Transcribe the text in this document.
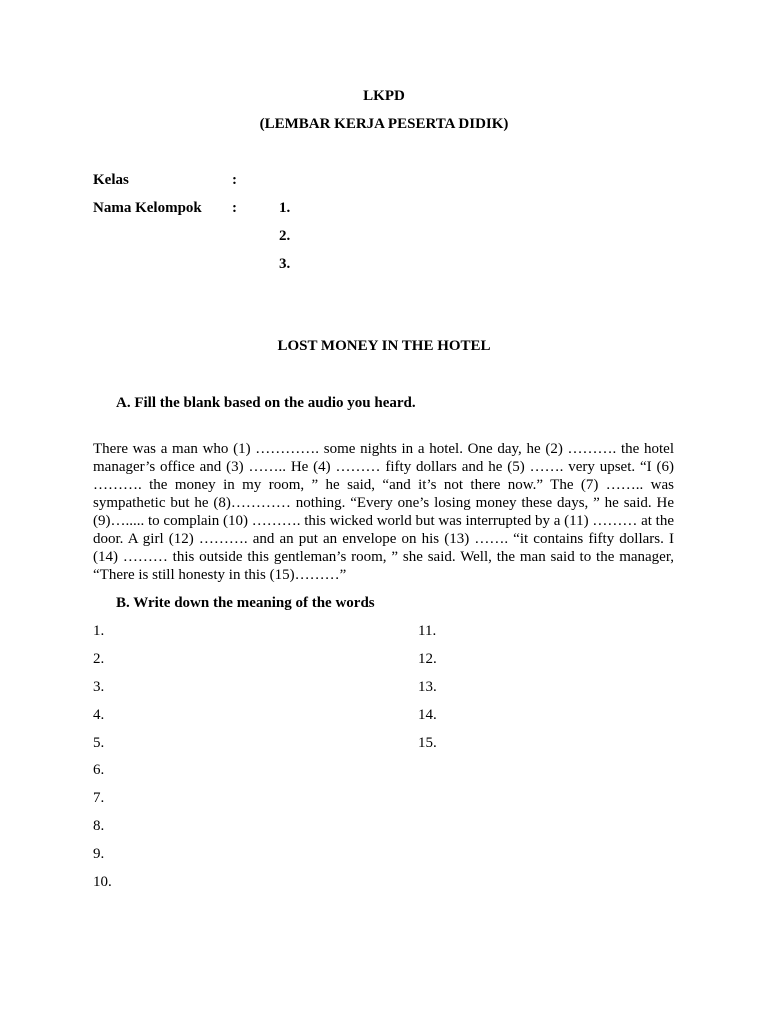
LKPD
(LEMBAR KERJA PESERTA DIDIK)
Kelas	:
Nama Kelompok :	1.
2.
3.
LOST MONEY IN THE HOTEL
A. Fill the blank based on the audio you heard.

There was a man who (1) …………. some nights in a hotel. One day, he (2) ………. the hotel manager’s office and (3) …….. He (4) ……… fifty dollars and he (5) ……. very upset. “I (6) ………. the money in my room, ” he said, “and it’s not there now.” The (7) …….. was sympathetic but he (8)………… nothing. “Every one’s losing money these days, ” he said. He (9)…..... to complain (10) ………. this wicked world but was interrupted by a (11) ……… at the door. A girl (12) ………. and an put an envelope on his (13) ……. “it contains fifty dollars. I (14) ……… this outside this gentleman’s room, ” she said. Well, the man said to the manager, “There is still honesty in this (15)………”

B. Write down the meaning of the words
1.
2.
3.
4.
5.
6.
7.
8.
9.
10.
11.
12.
13.
14.
15.
